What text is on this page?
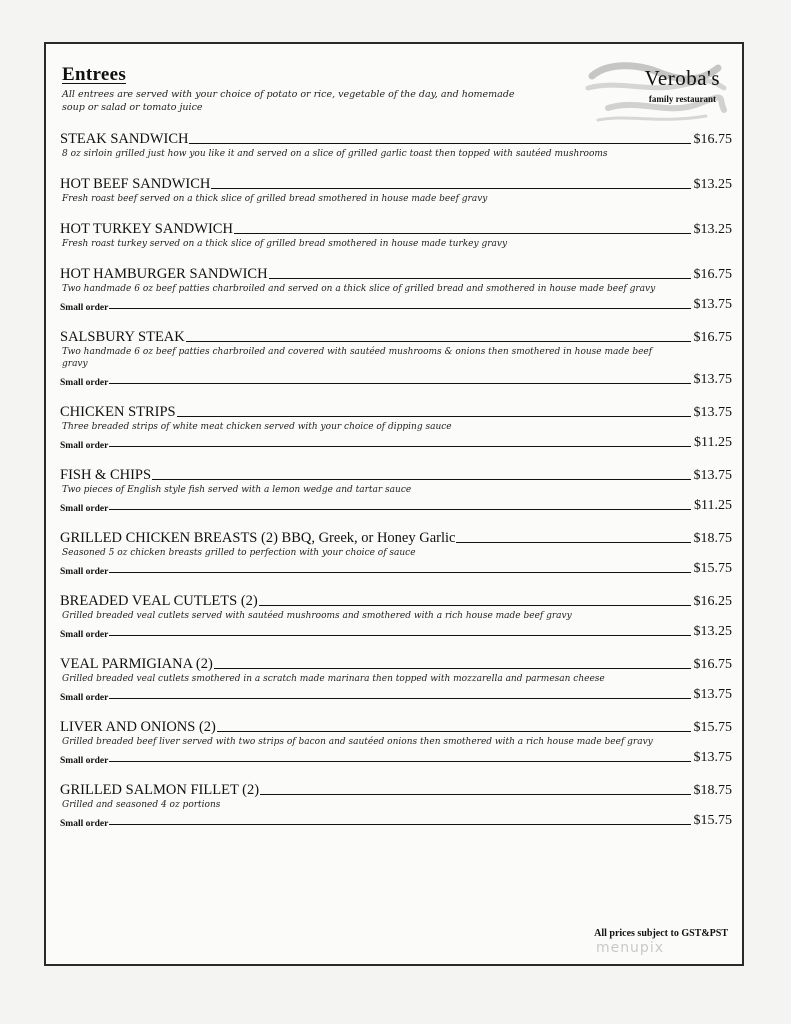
Entrees
All entrees are served with your choice of potato or rice, vegetable of the day, and homemade soup or salad or tomato juice
Veroba's
family restaurant
STEAK SANDWICH	$16.75
8 oz sirloin grilled just how you like it and served on a slice of grilled garlic toast then topped with sautéed mushrooms
HOT BEEF SANDWICH	$13.25
Fresh roast beef served on a thick slice of grilled bread smothered in house made beef gravy
HOT TURKEY SANDWICH	$13.25
Fresh roast turkey served on a thick slice of grilled bread smothered in house made turkey gravy
HOT HAMBURGER SANDWICH	$16.75
Two handmade 6 oz beef patties charbroiled and served on a thick slice of grilled bread and smothered in house made beef gravy
Small order	$13.75
SALSBURY STEAK	$16.75
Two handmade 6 oz beef patties charbroiled and covered with sautéed mushrooms & onions then smothered in house made beef gravy
Small order	$13.75
CHICKEN STRIPS	$13.75
Three breaded strips of white meat chicken served with your choice of dipping sauce
Small order	$11.25
FISH & CHIPS	$13.75
Two pieces of English style fish served with a lemon wedge and tartar sauce
Small order	$11.25
GRILLED CHICKEN BREASTS (2) BBQ, Greek, or Honey Garlic	$18.75
Seasoned 5 oz chicken breasts grilled to perfection with your choice of sauce
Small order	$15.75
BREADED VEAL CUTLETS (2)	$16.25
Grilled breaded veal cutlets served with sautéed mushrooms and smothered with a rich house made beef gravy
Small order	$13.25
VEAL PARMIGIANA (2)	$16.75
Grilled breaded veal cutlets smothered in a scratch made marinara then topped with mozzarella and parmesan cheese
Small order	$13.75
LIVER AND ONIONS (2)	$15.75
Grilled breaded beef liver served with two strips of bacon and sautéed onions then smothered with a rich house made beef gravy
Small order	$13.75
GRILLED SALMON FILLET (2)	$18.75
Grilled and seasoned 4 oz portions
Small order	$15.75
All prices subject to GST&PST
menupix
